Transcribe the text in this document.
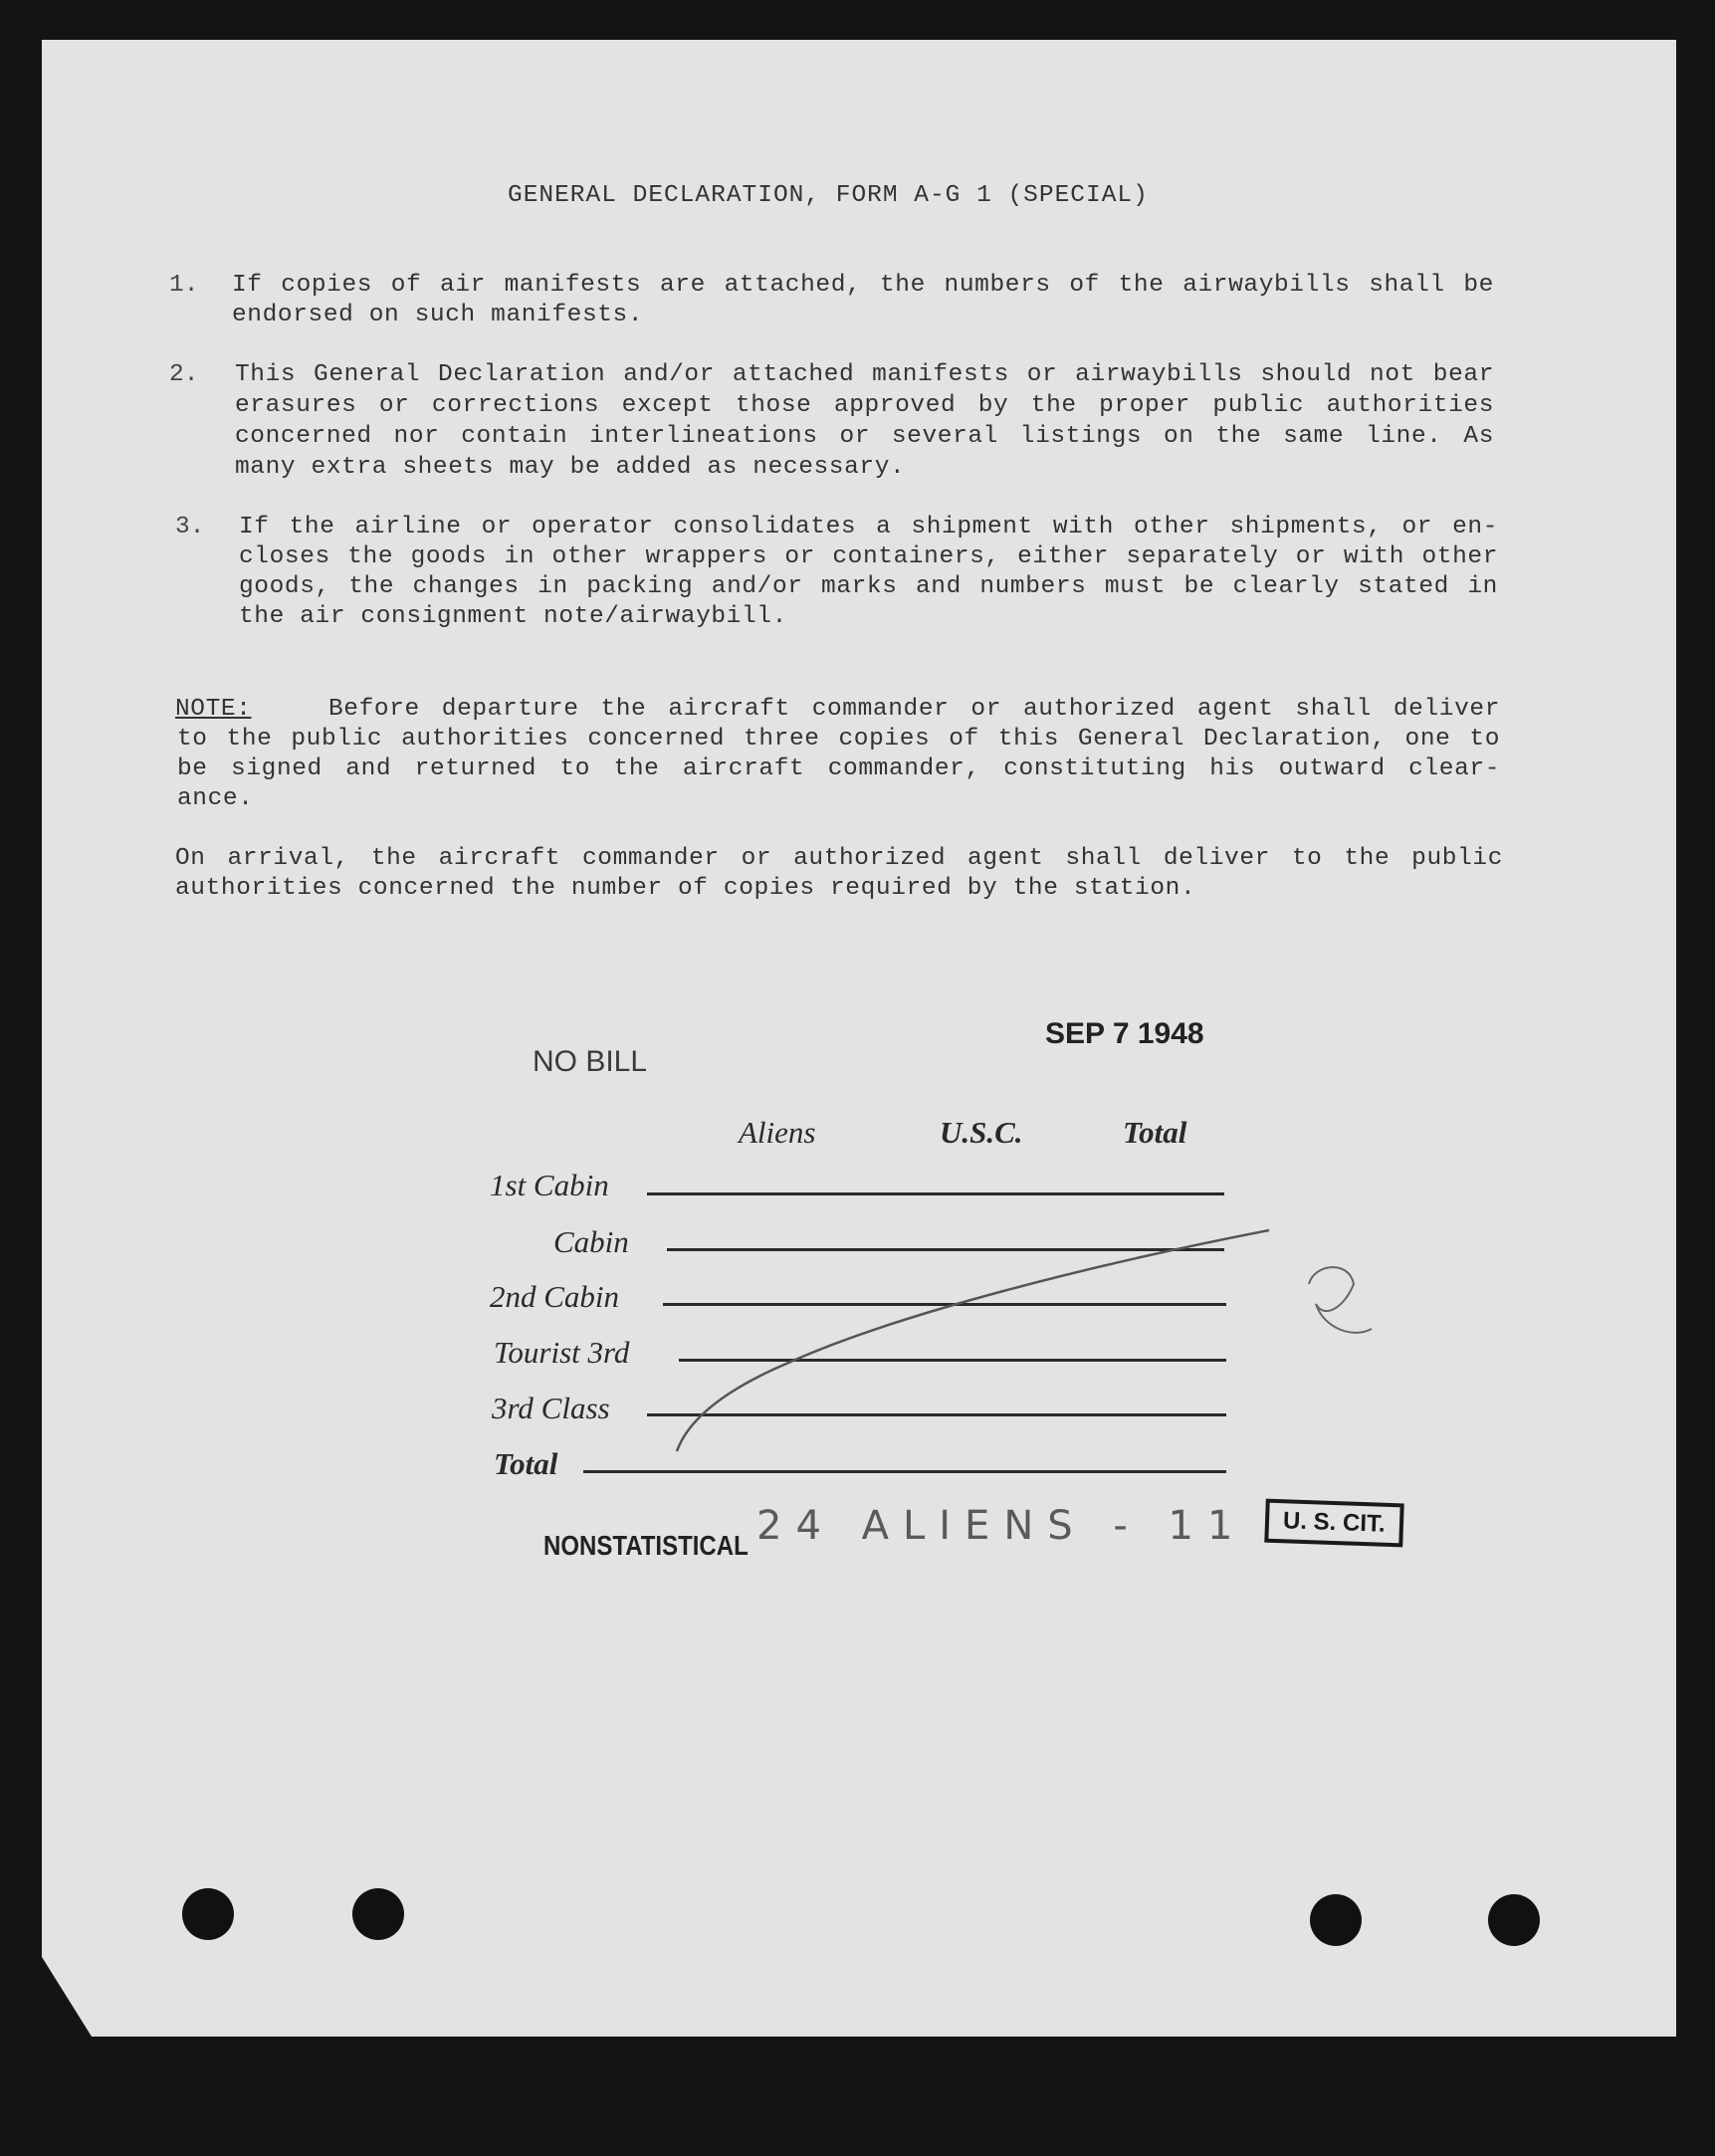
GENERAL DECLARATION, FORM A-G 1 (SPECIAL)
1. If copies of air manifests are attached, the numbers of the airwaybills shall be
endorsed on such manifests.
2. This General Declaration and/or attached manifests or airwaybills should not bear
erasures or corrections except those approved by the proper public authorities
concerned nor contain interlineations or several listings on the same line. As
many extra sheets may be added as necessary.
3. If the airline or operator consolidates a shipment with other shipments, or en-
closes the goods in other wrappers or containers, either separately or with other
goods, the changes in packing and/or marks and numbers must be clearly stated in
the air consignment note/airwaybill.
NOTE:	Before departure the aircraft commander or authorized agent shall deliver
to the public authorities concerned three copies of this General Declaration, one to
be signed and returned to the aircraft commander, constituting his outward clear-
ance.
On arrival, the aircraft commander or authorized agent shall deliver to the public
authorities concerned the number of copies required by the station.
NO BILL
SEP 7 1948
Aliens	U.S.C.	Total
1st Cabin
Cabin
2nd Cabin
Tourist 3rd
3rd Class
Total
NONSTATISTICAL 24 ALIENS - 11	U. S. CIT.
